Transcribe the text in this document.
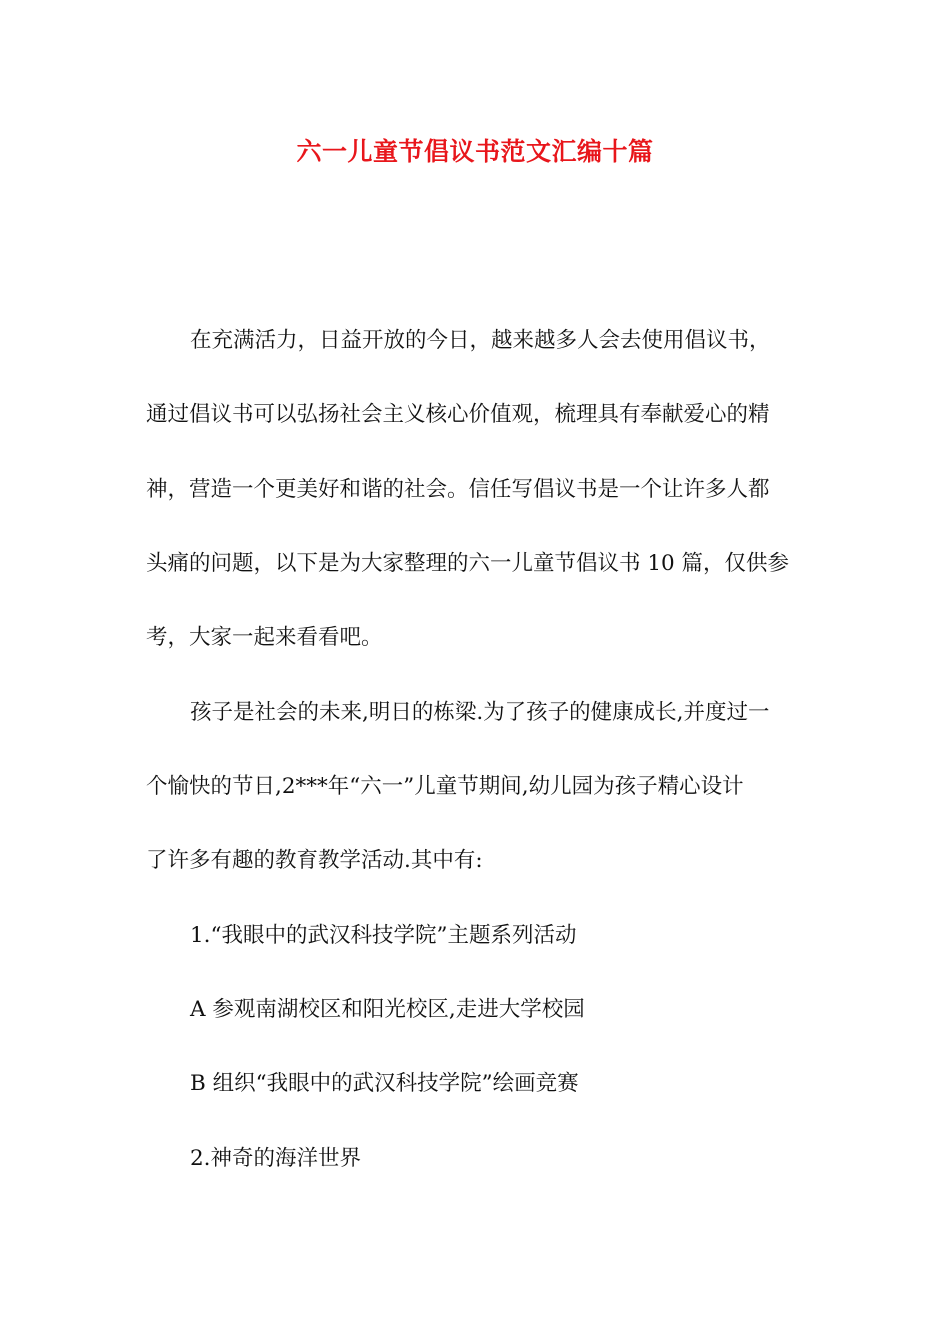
六一儿童节倡议书范文汇编十篇
在充满活力，日益开放的今日，越来越多人会去使用倡议书，
通过倡议书可以弘扬社会主义核心价值观，梳理具有奉献爱心的精
神，营造一个更美好和谐的社会。信任写倡议书是一个让许多人都
头痛的问题，以下是为大家整理的六一儿童节倡议书 10 篇，仅供参
考，大家一起来看看吧。
孩子是社会的未来,明日的栋梁.为了孩子的健康成长,并度过一
个愉快的节日,2***年“六一”儿童节期间,幼儿园为孩子精心设计
了许多有趣的教育教学活动.其中有:
1.“我眼中的武汉科技学院”主题系列活动
A 参观南湖校区和阳光校区,走进大学校园
B 组织“我眼中的武汉科技学院”绘画竞赛
2.神奇的海洋世界
